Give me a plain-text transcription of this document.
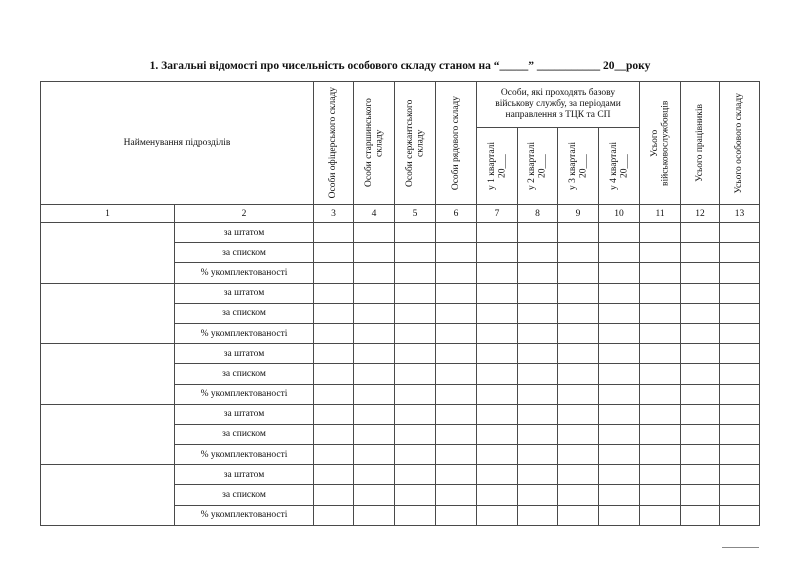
1. Загальні відомості про чисельність особового складу станом на “_____” ___________ 20__року
Найменування підрозділів		Особи офіцерського складу	Особи старшинського складу	Особи сержантського складу	Особи рядового складу	Особи, які проходять базову військову службу, за періодами направлення з ТЦК та СП				Усього військовослужбовців	Усього працівників	Усього особового складу

						у 1 кварталі 20___	у 2 кварталі 20___	у 3 кварталі 20___	у 4 кварталі 20___			

1	2	3	4	5	6	7	8	9	10	11	12	13
	за штатом											
	за списком											
	% укомплектованості											
	за штатом											
	за списком											
	% укомплектованості											
	за штатом											
	за списком											
	% укомплектованості											
	за штатом											
	за списком											
	% укомплектованості											
	за штатом											
	за списком											
	% укомплектованості											
